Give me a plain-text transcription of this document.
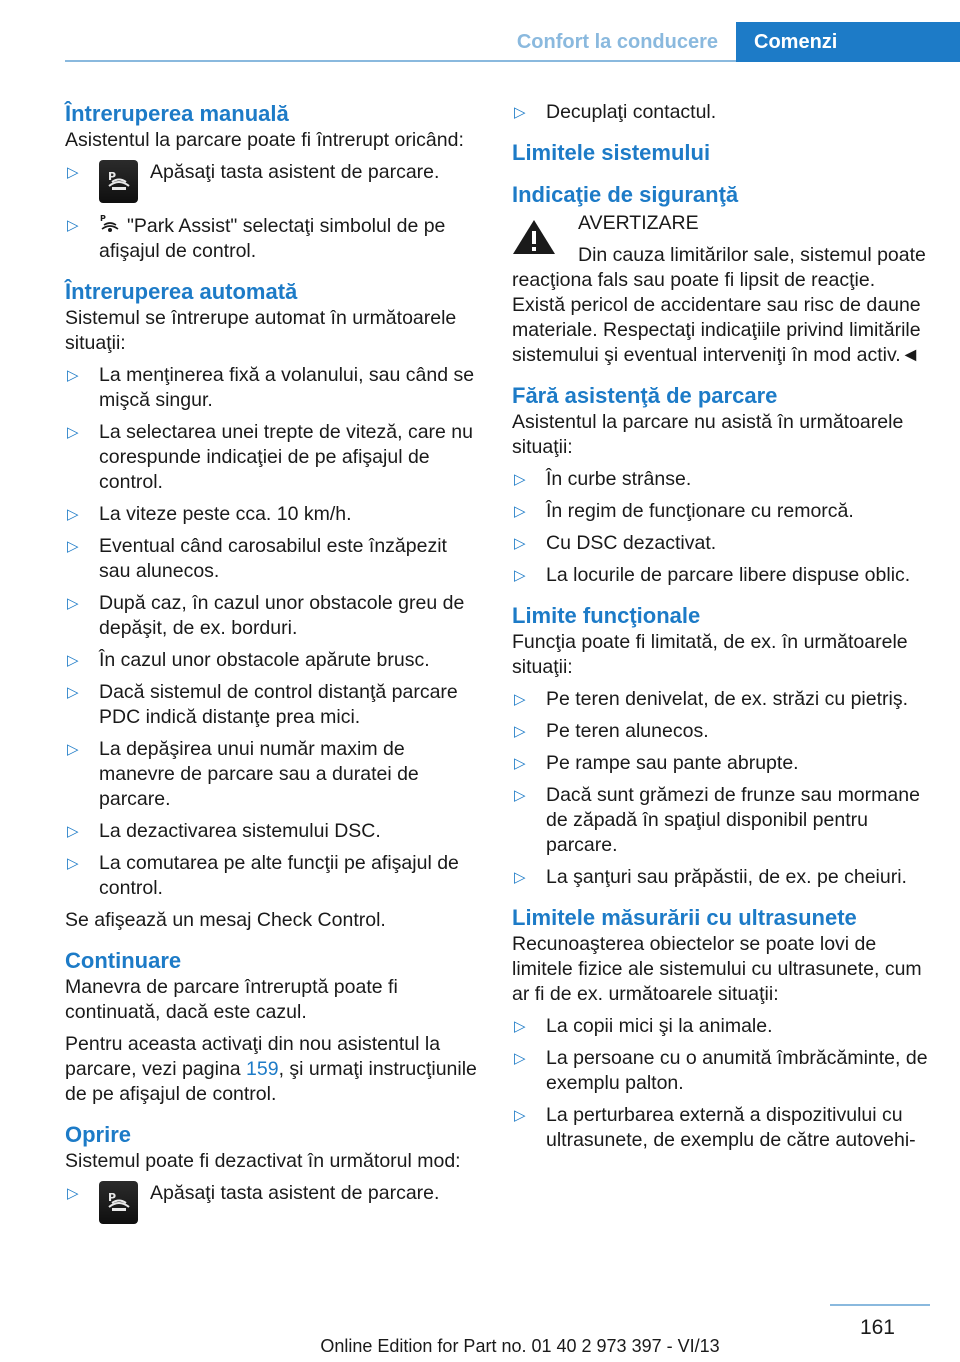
Confort la conducere	Comenzi
Întreruperea manuală

Asistentul la parcare poate fi întrerupt oricând:

▷	P Apăsaţi tasta asistent de parcare.
▷	P "Park Assist" selectaţi simbolul de pe afişajul de control.
Întreruperea automată

Sistemul se întrerupe automat în următoarele situaţii:

▷ La menţinerea fixă a volanului, sau când se mişcă singur.
▷ La selectarea unei trepte de viteză, care nu corespunde indicaţiei de pe afişajul de control.
▷ La viteze peste cca. 10 km/h.
▷ Eventual când carosabilul este înzăpezit sau alunecos.
▷ După caz, în cazul unor obstacole greu de depăşit, de ex. borduri.
▷ În cazul unor obstacole apărute brusc.
▷ Dacă sistemul de control distanţă parcare PDC indică distanţe prea mici.
▷ La depăşirea unui număr maxim de manevre de parcare sau a duratei de parcare.
▷ La dezactivarea sistemului DSC.
▷ La comutarea pe alte funcţii pe afişajul de control.

Se afişează un mesaj Check Control.

Continuare

Manevra de parcare întreruptă poate fi continuată, dacă este cazul.

Pentru aceasta activaţi din nou asistentul la parcare, vezi pagina 159, şi urmaţi instrucţiunile de pe afişajul de control.

Oprire

Sistemul poate fi dezactivat în următorul mod:

▷	P Apăsaţi tasta asistent de parcare.
▷ Decuplaţi contactul.
Limitele sistemului
Indicaţie de siguranţă
AVERTIZARE
Din cauza limitărilor sale, sistemul poate reacţiona fals sau poate fi lipsit de reacţie. Există pericol de accidentare sau risc de daune materiale. Respectaţi indicaţiile privind limitările sistemului şi eventual interveniţi în mod activ.◄
Fără asistenţă de parcare

Asistentul la parcare nu asistă în următoarele situaţii:

▷ În curbe strânse.
▷ În regim de funcţionare cu remorcă.
▷ Cu DSC dezactivat.
▷ La locurile de parcare libere dispuse oblic.
Limite funcţionale

Funcţia poate fi limitată, de ex. în următoarele situaţii:

▷ Pe teren denivelat, de ex. străzi cu pietriş.
▷ Pe teren alunecos.
▷ Pe rampe sau pante abrupte.
▷ Dacă sunt grămezi de frunze sau mormane de zăpadă în spaţiul disponibil pentru parcare.
▷ La şanţuri sau prăpăstii, de ex. pe cheiuri.
Limitele măsurării cu ultrasunete

Recunoaşterea obiectelor se poate lovi de limitele fizice ale sistemului cu ultrasunete, cum ar fi de ex. următoarele situaţii:

▷ La copii mici şi la animale.
▷ La persoane cu o anumită îmbrăcăminte, de exemplu palton.
▷ La perturbarea externă a dispozitivului cu ultrasunete, de exemplu de către autovehi-
161
Online Edition for Part no. 01 40 2 973 397 - VI/13
